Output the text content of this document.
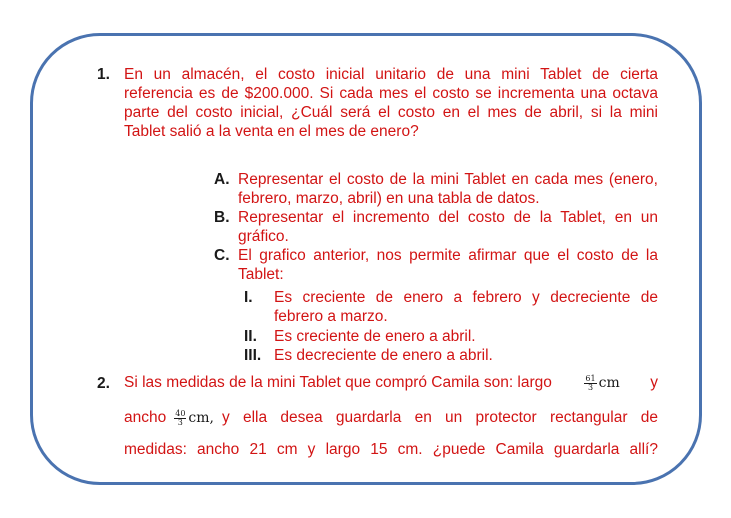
1. En un almacén, el costo inicial unitario de una mini Tablet de cierta
referencia es de $200.000. Si cada mes el costo se incrementa una octava
parte del costo inicial, ¿Cuál será el costo en el mes de abril, si la mini
Tablet salió a la venta en el mes de enero?
A. Representar el costo de la mini Tablet en cada mes (enero,
febrero, marzo, abril) en una tabla de datos.
B. Representar el incremento del costo de la Tablet, en un
gráfico.
C. El grafico anterior, nos permite afirmar que el costo de la
Tablet:
I. Es creciente de enero a febrero y decreciente de
febrero a marzo.
II. Es creciente de enero a abril.
III. Es decreciente de enero a abril.
2. Si las medidas de la mini Tablet que compró Camila son: largo	$\frac{61}{3}$ cm y
ancho $\frac{40}{3}$ cm, y ella desea guardarla en un protector rectangular de
medidas: ancho 21 cm y largo 15 cm. ¿puede Camila guardarla allí?
